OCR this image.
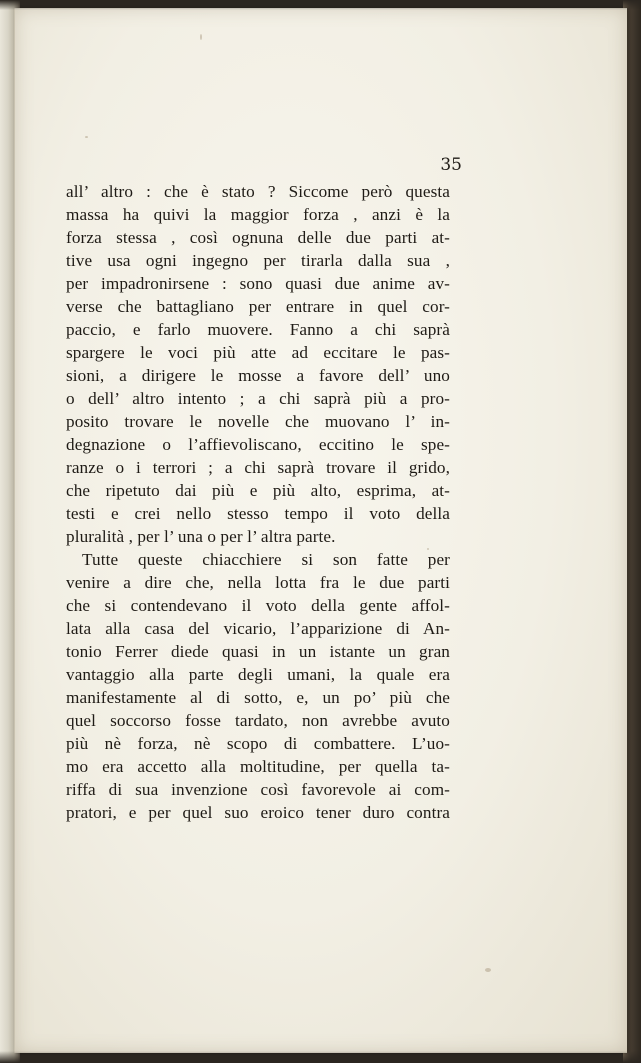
35
all’ altro : che è stato ? Siccome però questa
massa ha quivi la maggior forza , anzi è la
forza stessa , così ognuna delle due parti at-
tive usa ogni ingegno per tirarla dalla sua ,
per impadronirsene : sono quasi due anime av-
verse che battagliano per entrare in quel cor-
paccio, e farlo muovere. Fanno a chi saprà
spargere le voci più atte ad eccitare le pas-
sioni, a dirigere le mosse a favore dell’ uno
o dell’ altro intento ; a chi saprà più a pro-
posito trovare le novelle che muovano l’ in-
degnazione o l’affievoliscano, eccitino le spe-
ranze o i terrori ; a chi saprà trovare il grido,
che ripetuto dai più e più alto, esprima, at-
testi e crei nello stesso tempo il voto della
pluralità , per l’ una o per l’ altra parte.
Tutte queste chiacchiere si son fatte per
venire a dire che, nella lotta fra le due parti
che si contendevano il voto della gente affol-
lata alla casa del vicario, l’apparizione di An-
tonio Ferrer diede quasi in un istante un gran
vantaggio alla parte degli umani, la quale era
manifestamente al di sotto, e, un po’ più che
quel soccorso fosse tardato, non avrebbe avuto
più nè forza, nè scopo di combattere. L’uo-
mo era accetto alla moltitudine, per quella ta-
riffa di sua invenzione così favorevole ai com-
pratori, e per quel suo eroico tener duro contra
